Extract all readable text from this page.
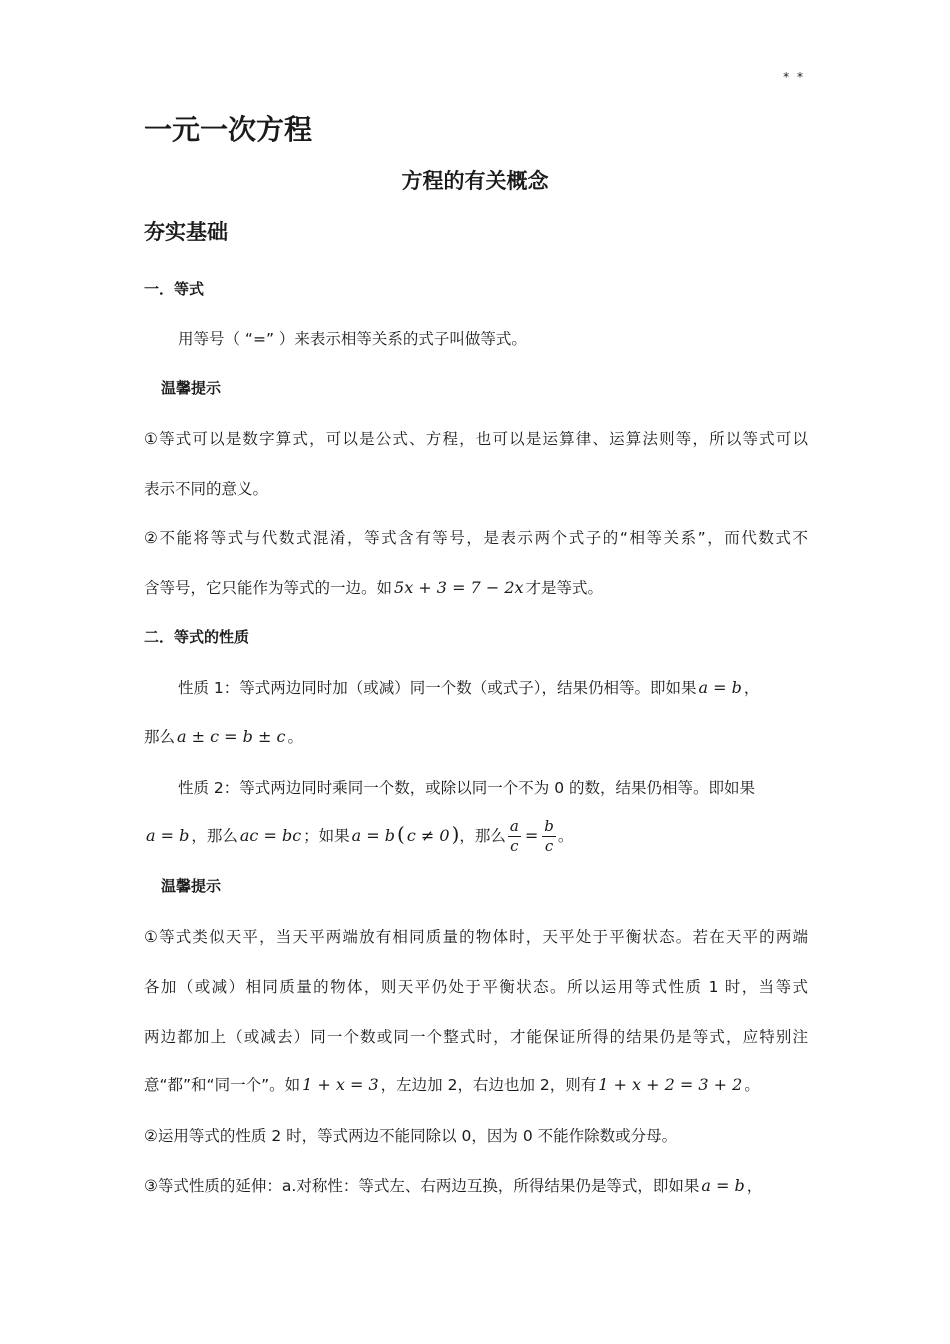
* *
一元一次方程
方程的有关概念
夯实基础
一．等式
用等号（ “=” ）来表示相等关系的式子叫做等式。
温馨提示
①等式可以是数字算式，可以是公式、方程，也可以是运算律、运算法则等，所以等式可以
表示不同的意义。
②不能将等式与代数式混淆，等式含有等号，是表示两个式子的“相等关系”，而代数式不
含等号，它只能作为等式的一边。如 5x + 3 = 7 − 2x 才是等式。
二．等式的性质
性质 1：等式两边同时加（或减）同一个数（或式子），结果仍相等。即如果 a = b ，
那么 a ± c = b ± c 。
性质 2：等式两边同时乘同一个数，或除以同一个不为 0 的数，结果仍相等。即如果
a = b ，那么 ac = bc ；如果 a = b ( c ≠ 0 )，那么 $\frac{a}{c} = \frac{b}{c}$ 。
温馨提示
①等式类似天平，当天平两端放有相同质量的物体时，天平处于平衡状态。若在天平的两端
各加（或减）相同质量的物体，则天平仍处于平衡状态。所以运用等式性质 1 时，当等式
两边都加上（或减去）同一个数或同一个整式时，才能保证所得的结果仍是等式，应特别注
意“都”和“同一个”。如 1 + x = 3 ，左边加 2，右边也加 2，则有 1 + x + 2 = 3 + 2 。
②运用等式的性质 2 时，等式两边不能同除以 0，因为 0 不能作除数或分母。
③等式性质的延伸：a.对称性：等式左、右两边互换，所得结果仍是等式，即如果 a = b ，
